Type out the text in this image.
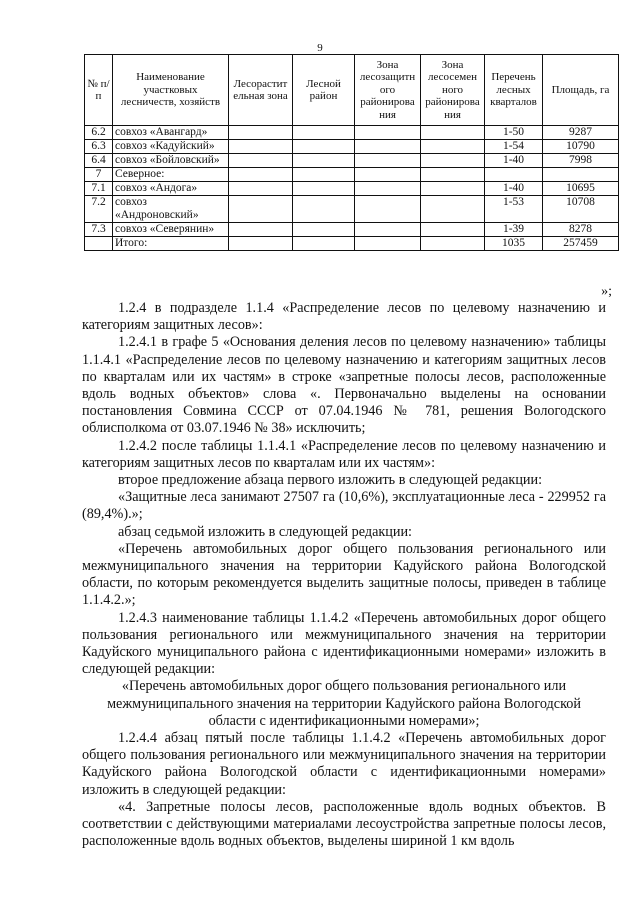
9
№ п/п	Наименование участковых лесничеств, хозяйств	Лесорастит ельная зона	Лесной район	Зона лесозащитн ого районирова ния	Зона лесосемен ного районирова ния	Перечень лесных кварталов	Площадь, га
6.2	совхоз «Авангард»					1-50	9287
6.3	совхоз «Кадуйский»					1-54	10790
6.4	совхоз «Бойловский»					1-40	7998
7	Северное:						
7.1	совхоз «Андога»					1-40	10695
7.2	совхоз «Андроновский»					1-53	10708
7.3	совхоз «Северянин»					1-39	8278
	Итого:					1035	257459
»;

1.2.4 в подразделе 1.1.4 «Распределение лесов по целевому назначению и категориям защитных лесов»:

1.2.4.1 в графе 5 «Основания деления лесов по целевому назначению» таблицы 1.1.4.1 «Распределение лесов по целевому назначению и категориям защитных лесов по кварталам или их частям» в строке «запретные полосы лесов, расположенные вдоль водных объектов» слова «. Первоначально выделены на основании постановления Совмина СССР от 07.04.1946 № 781, решения Вологодского облисполкома от 03.07.1946 № 38» исключить;

1.2.4.2 после таблицы 1.1.4.1 «Распределение лесов по целевому назначению и категориям защитных лесов по кварталам или их частям»:

второе предложение абзаца первого изложить в следующей редакции:

«Защитные леса занимают 27507 га (10,6%), эксплуатационные леса - 229952 га (89,4%).»;

абзац седьмой изложить в следующей редакции:

«Перечень автомобильных дорог общего пользования регионального или межмуниципального значения на территории Кадуйского района Вологодской области, по которым рекомендуется выделить защитные полосы, приведен в таблице 1.1.4.2.»;

1.2.4.3 наименование таблицы 1.1.4.2 «Перечень автомобильных дорог общего пользования регионального или межмуниципального значения на территории Кадуйского муниципального района с идентификационными номерами» изложить в следующей редакции:

«Перечень автомобильных дорог общего пользования регионального или межмуниципального значения на территории Кадуйского района Вологодской области с идентификационными номерами»;

1.2.4.4 абзац пятый после таблицы 1.1.4.2 «Перечень автомобильных дорог общего пользования регионального или межмуниципального значения на территории Кадуйского района Вологодской области с идентификационными номерами» изложить в следующей редакции:

«4. Запретные полосы лесов, расположенные вдоль водных объектов. В соответствии с действующими материалами лесоустройства запретные полосы лесов, расположенные вдоль водных объектов, выделены шириной 1 км вдоль
